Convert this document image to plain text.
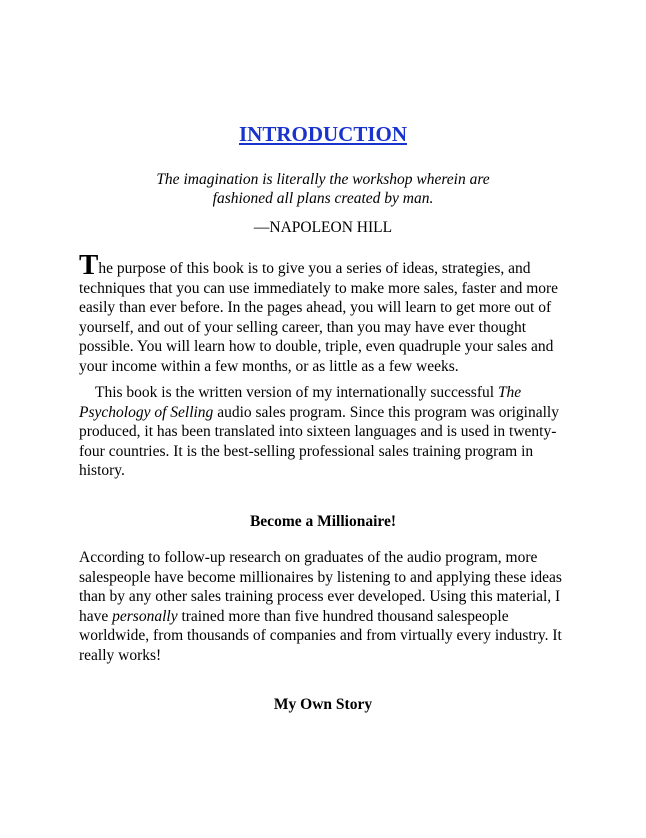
INTRODUCTION

The imagination is literally the workshop wherein are
fashioned all plans created by man.

—NAPOLEON HILL

The purpose of this book is to give you a series of ideas, strategies, and techniques that you can use immediately to make more sales, faster and more easily than ever before. In the pages ahead, you will learn to get more out of yourself, and out of your selling career, than you may have ever thought possible. You will learn how to double, triple, even quadruple your sales and your income within a few months, or as little as a few weeks.

This book is the written version of my internationally successful The Psychology of Selling audio sales program. Since this program was originally produced, it has been translated into sixteen languages and is used in twenty-four countries. It is the best-selling professional sales training program in history.

Become a Millionaire!

According to follow-up research on graduates of the audio program, more salespeople have become millionaires by listening to and applying these ideas than by any other sales training process ever developed. Using this material, I have personally trained more than five hundred thousand salespeople worldwide, from thousands of companies and from virtually every industry. It really works!

My Own Story
